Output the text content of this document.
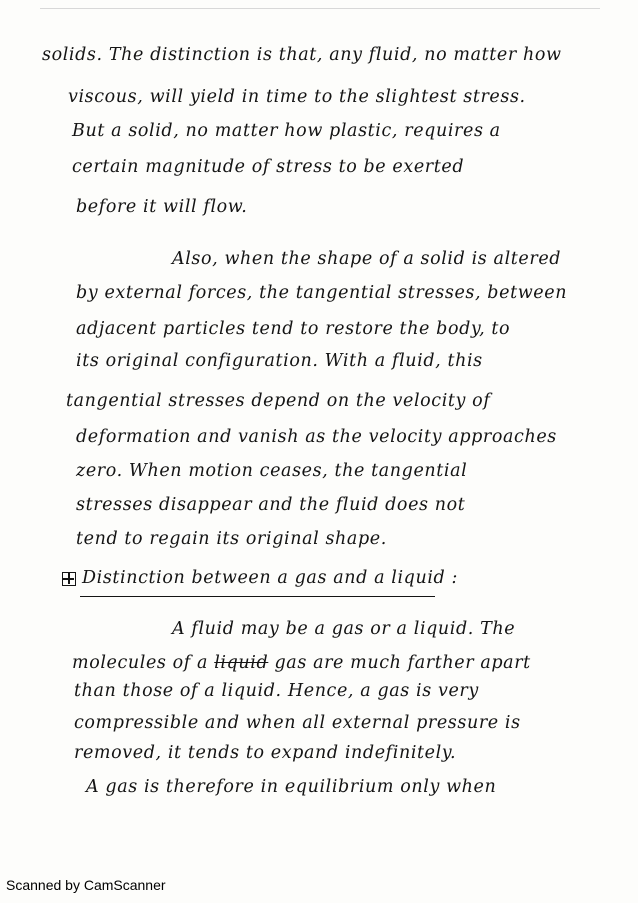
solids. The distinction is that, any fluid, no matter how
viscous, will yield in time to the slightest stress.
But a solid, no matter how plastic, requires a
certain magnitude of stress to be exerted
before it will flow.
Also, when the shape of a solid is altered
by external forces, the tangential stresses, between
adjacent particles tend to restore the body, to
its original configuration. With a fluid, this
tangential stresses depend on the velocity of
deformation and vanish as the velocity approaches
zero. When motion ceases, the tangential
stresses disappear and the fluid does not
tend to regain its original shape.
Distinction between a gas and a liquid :
A fluid may be a gas or a liquid. The
molecules of a liquid gas are much farther apart
than those of a liquid. Hence, a gas is very
compressible and when all external pressure is
removed, it tends to expand indefinitely.
A gas is therefore in equilibrium only when
Scanned by CamScanner
